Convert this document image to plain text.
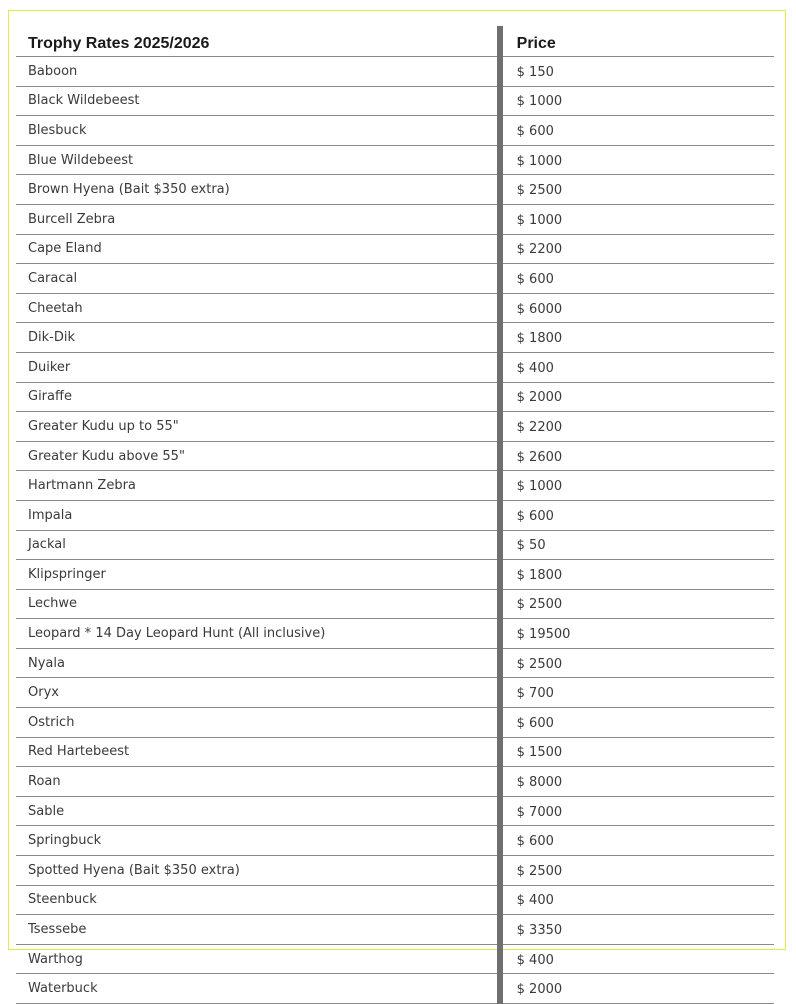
Trophy Rates 2025/2026	Price
Baboon	$ 150
Black Wildebeest	$ 1000
Blesbuck	$ 600
Blue Wildebeest	$ 1000
Brown Hyena (Bait $350 extra)	$ 2500
Burcell Zebra	$ 1000
Cape Eland	$ 2200
Caracal	$ 600
Cheetah	$ 6000
Dik-Dik	$ 1800
Duiker	$ 400
Giraffe	$ 2000
Greater Kudu up to 55"	$ 2200
Greater Kudu above 55"	$ 2600
Hartmann Zebra	$ 1000
Impala	$ 600
Jackal	$ 50
Klipspringer	$ 1800
Lechwe	$ 2500
Leopard * 14 Day Leopard Hunt (All inclusive)	$ 19500
Nyala	$ 2500
Oryx	$ 700
Ostrich	$ 600
Red Hartebeest	$ 1500
Roan	$ 8000
Sable	$ 7000
Springbuck	$ 600
Spotted Hyena (Bait $350 extra)	$ 2500
Steenbuck	$ 400
Tsessebe	$ 3350
Warthog	$ 400
Waterbuck	$ 2000
